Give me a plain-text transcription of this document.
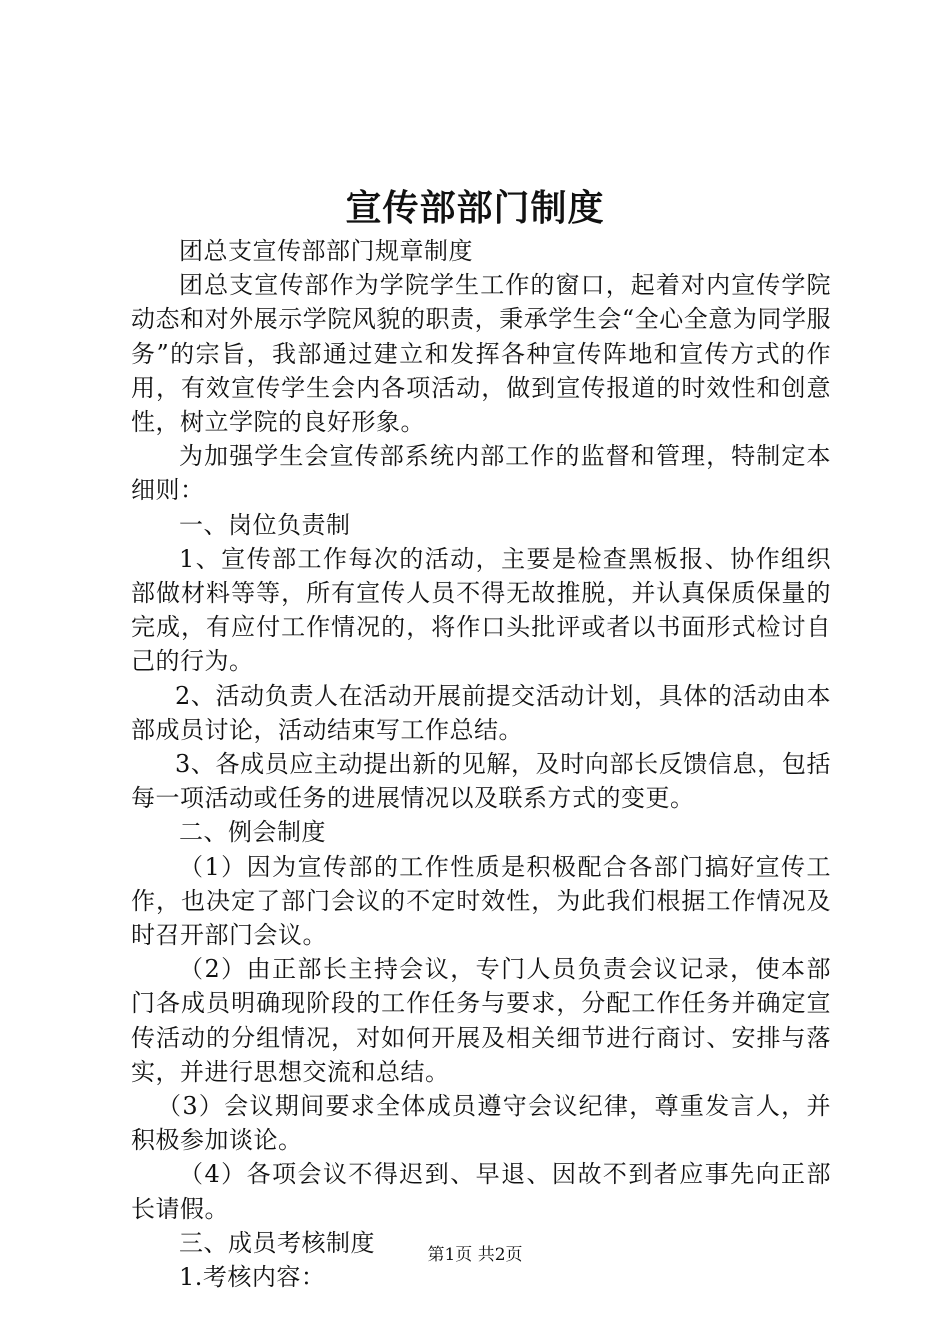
宣传部部门制度

团总支宣传部部门规章制度

团总支宣传部作为学院学生工作的窗口，起着对内宣传学院动态和对外展示学院风貌的职责，秉承学生会“全心全意为同学服务”的宗旨，我部通过建立和发挥各种宣传阵地和宣传方式的作用，有效宣传学生会内各项活动，做到宣传报道的时效性和创意性，树立学院的良好形象。

为加强学生会宣传部系统内部工作的监督和管理，特制定本细则：

一、岗位负责制

1、宣传部工作每次的活动，主要是检查黑板报、协作组织部做材料等等，所有宣传人员不得无故推脱，并认真保质保量的完成，有应付工作情况的，将作口头批评或者以书面形式检讨自己的行为。

2、活动负责人在活动开展前提交活动计划，具体的活动由本部成员讨论，活动结束写工作总结。

3、各成员应主动提出新的见解，及时向部长反馈信息，包括每一项活动或任务的进展情况以及联系方式的变更。

二、例会制度

（1）因为宣传部的工作性质是积极配合各部门搞好宣传工作，也决定了部门会议的不定时效性，为此我们根据工作情况及时召开部门会议。

（2）由正部长主持会议，专门人员负责会议记录，使本部门各成员明确现阶段的工作任务与要求，分配工作任务并确定宣传活动的分组情况，对如何开展及相关细节进行商讨、安排与落实，并进行思想交流和总结。

（3）会议期间要求全体成员遵守会议纪律，尊重发言人，并积极参加谈论。

（4）各项会议不得迟到、早退、因故不到者应事先向正部长请假。

三、成员考核制度

1.考核内容：

第1页 共2页
